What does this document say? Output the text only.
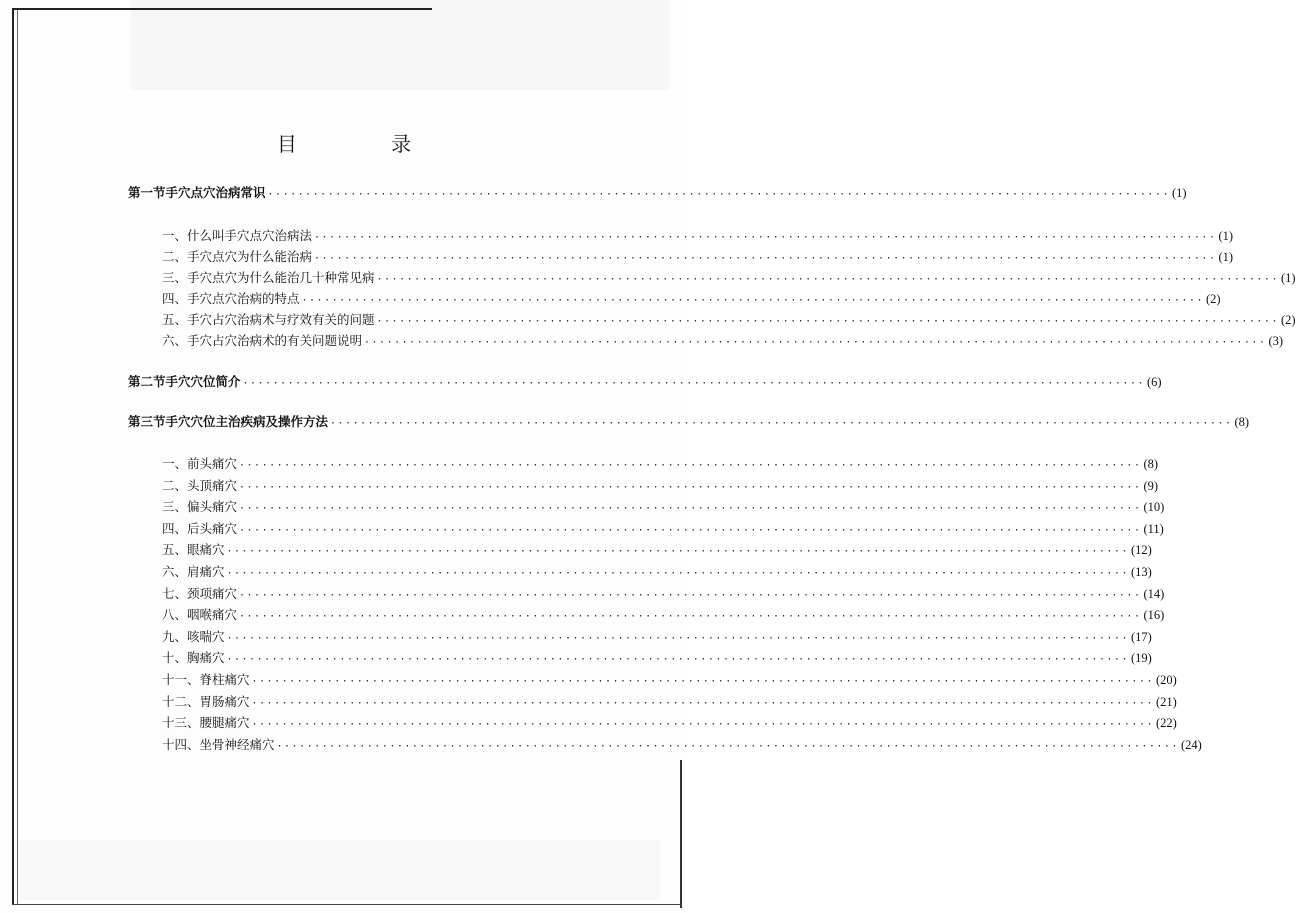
目 录
第一节 手穴点穴治病常识 ························································································································ (1)
第二节 手穴穴位简介 ························································································································ (6)
第三节 手穴穴位主治疾病及操作方法 ························································································································ (8)
一、什么叫手穴点穴治病法 ························································································································ (1)
二、手穴点穴为什么能治病 ························································································································ (1)
三、手穴点穴为什么能治几十种常见病 ························································································································ (1)
四、手穴点穴治病的特点 ························································································································ (2)
五、手穴占穴治病术与疗效有关的问题 ························································································································ (2)
六、手穴占穴治病术的有关问题说明 ························································································································ (3)
一、前头痛穴 ························································································································ (8)
二、头顶痛穴 ························································································································ (9)
三、偏头痛穴 ························································································································ (10)
四、后头痛穴 ························································································································ (11)
五、眼痛穴 ························································································································ (12)
六、肩痛穴 ························································································································ (13)
七、颈项痛穴 ························································································································ (14)
八、咽喉痛穴 ························································································································ (16)
九、咳喘穴 ························································································································ (17)
十、胸痛穴 ························································································································ (19)
十一、脊柱痛穴 ························································································································ (20)
十二、胃肠痛穴 ························································································································ (21)
十三、腰腿痛穴 ························································································································ (22)
十四、坐骨神经痛穴 ························································································································ (24)
